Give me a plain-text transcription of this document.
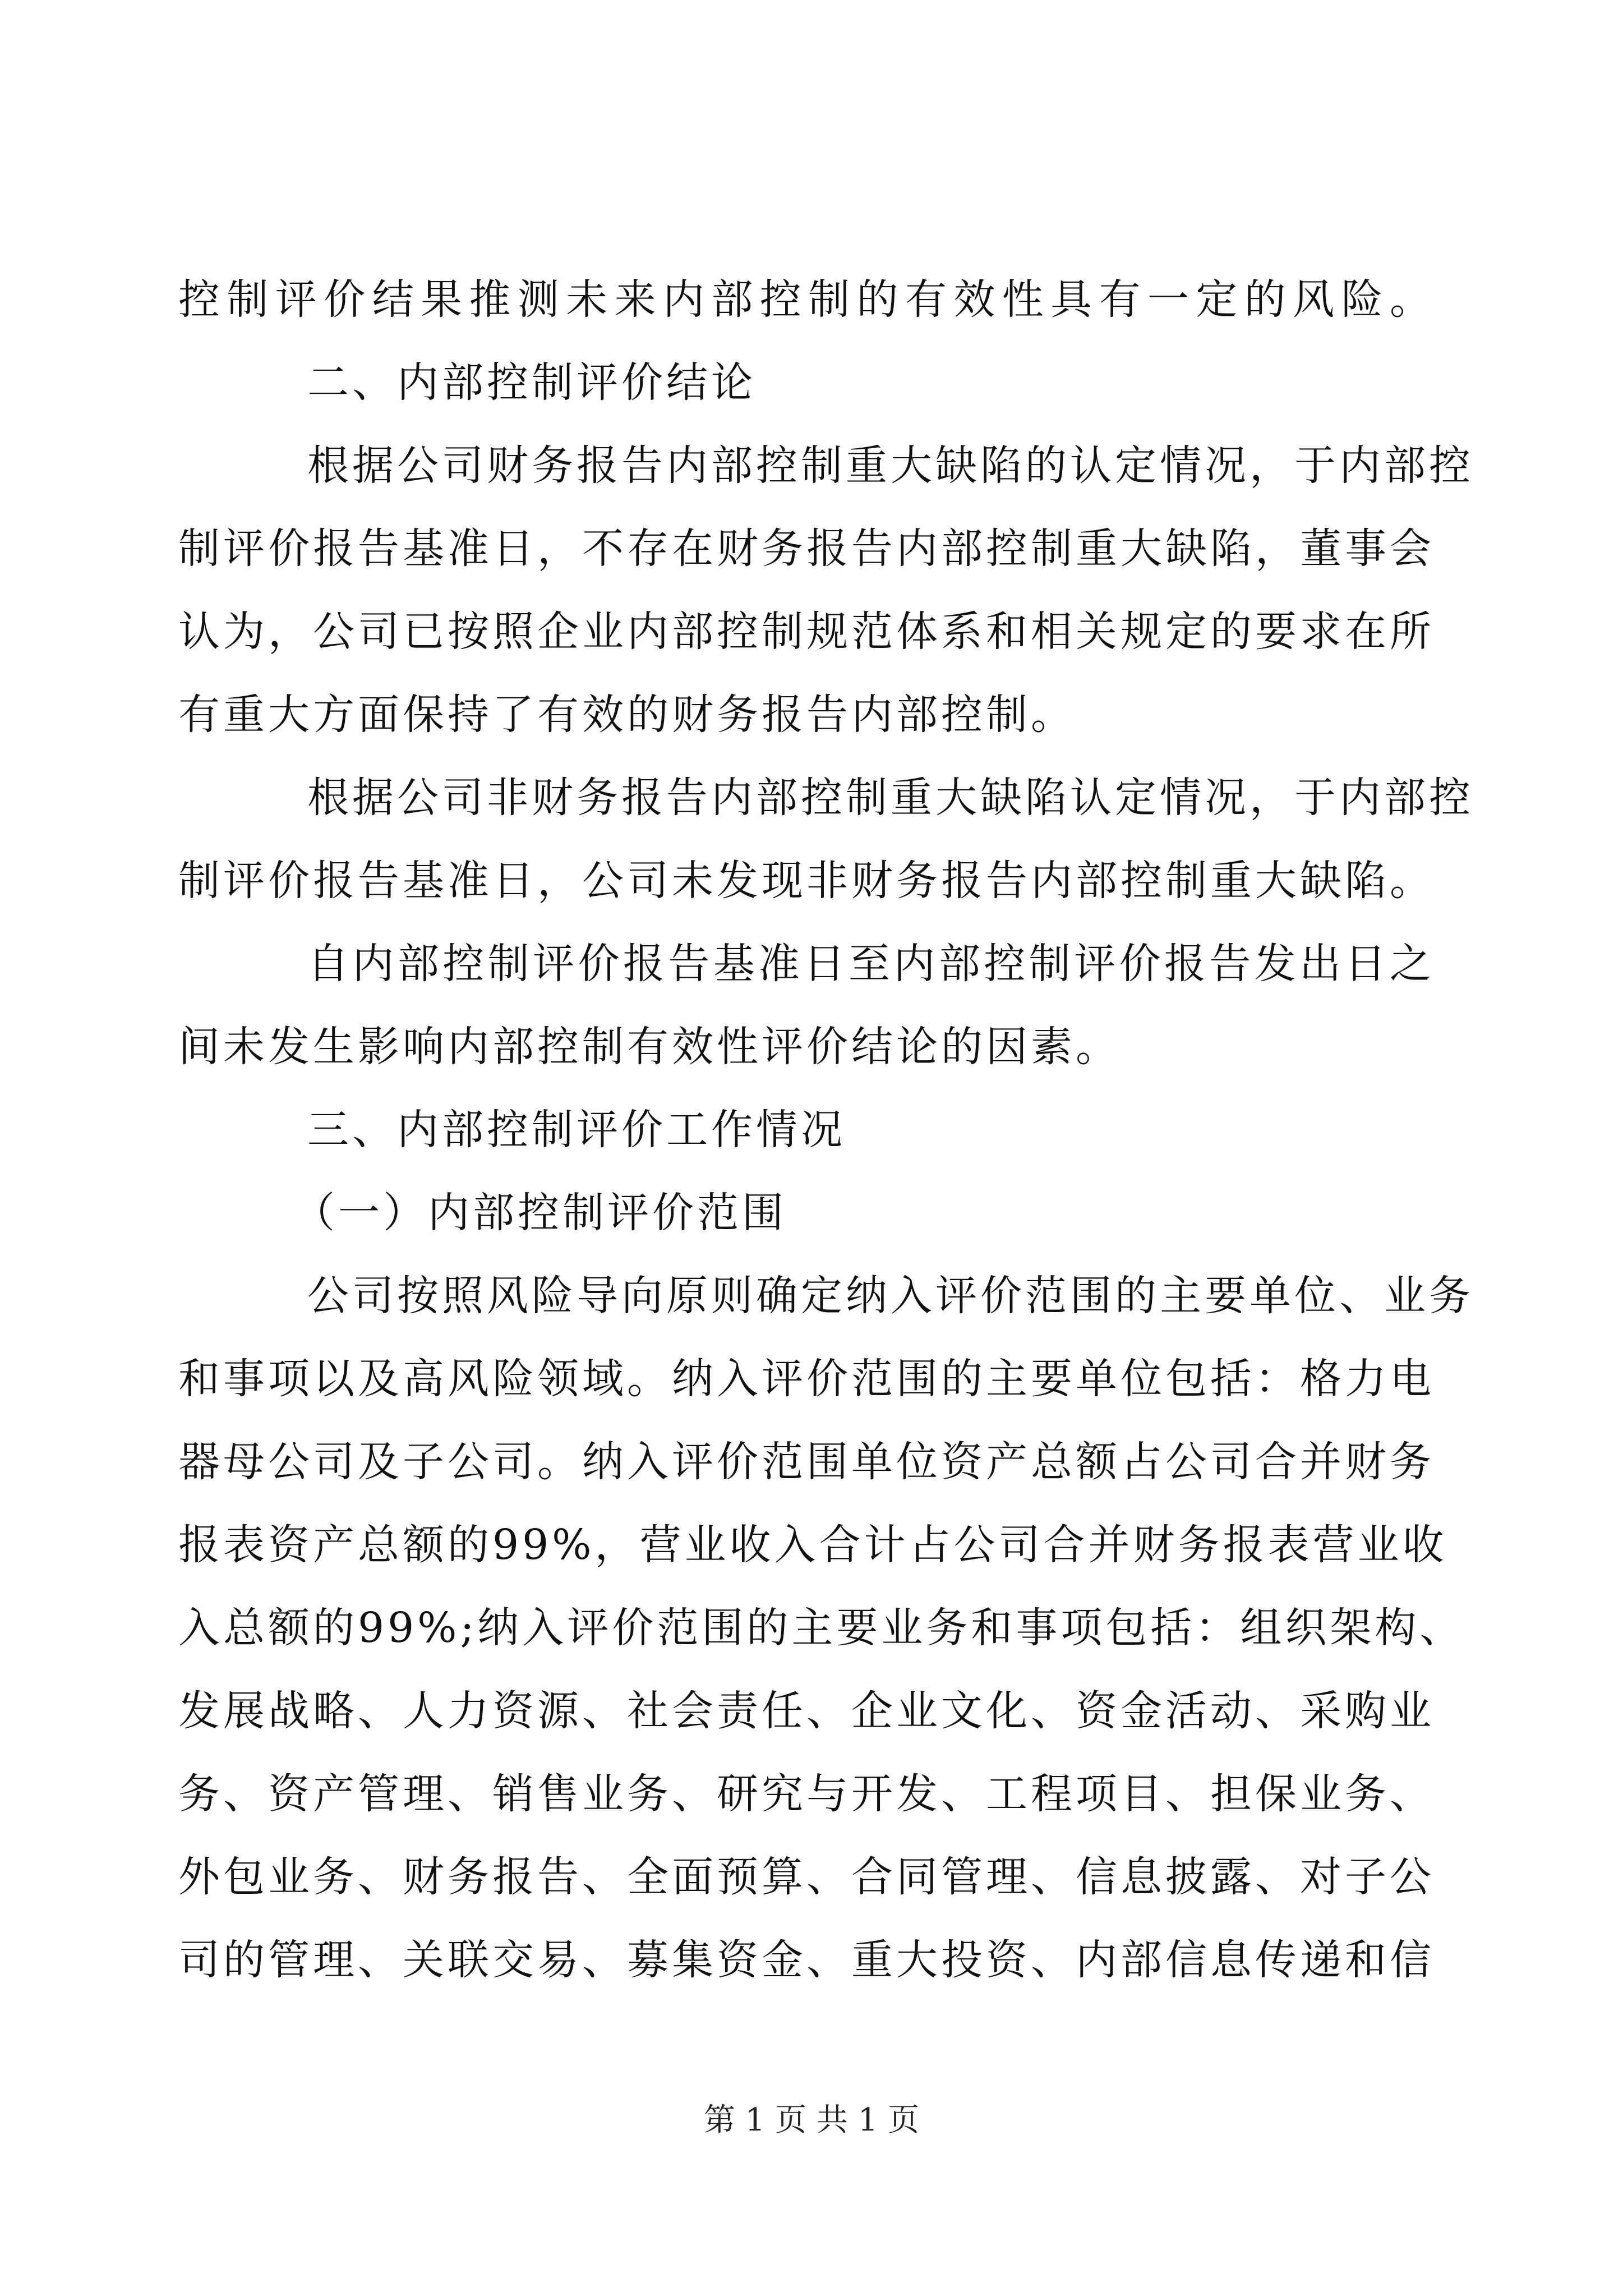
控制评价结果推测未来内部控制的有效性具有一定的风险。
二、内部控制评价结论
根据公司财务报告内部控制重大缺陷的认定情况，于内部控
制评价报告基准日，不存在财务报告内部控制重大缺陷，董事会
认为，公司已按照企业内部控制规范体系和相关规定的要求在所
有重大方面保持了有效的财务报告内部控制。
根据公司非财务报告内部控制重大缺陷认定情况，于内部控
制评价报告基准日，公司未发现非财务报告内部控制重大缺陷。
自内部控制评价报告基准日至内部控制评价报告发出日之
间未发生影响内部控制有效性评价结论的因素。
三、内部控制评价工作情况
（一）内部控制评价范围
公司按照风险导向原则确定纳入评价范围的主要单位、业务
和事项以及高风险领域。纳入评价范围的主要单位包括：格力电
器母公司及子公司。纳入评价范围单位资产总额占公司合并财务
报表资产总额的99%，营业收入合计占公司合并财务报表营业收
入总额的99%;纳入评价范围的主要业务和事项包括：组织架构、
发展战略、人力资源、社会责任、企业文化、资金活动、采购业
务、资产管理、销售业务、研究与开发、工程项目、担保业务、
外包业务、财务报告、全面预算、合同管理、信息披露、对子公
司的管理、关联交易、募集资金、重大投资、内部信息传递和信
第 1 页 共 1 页
